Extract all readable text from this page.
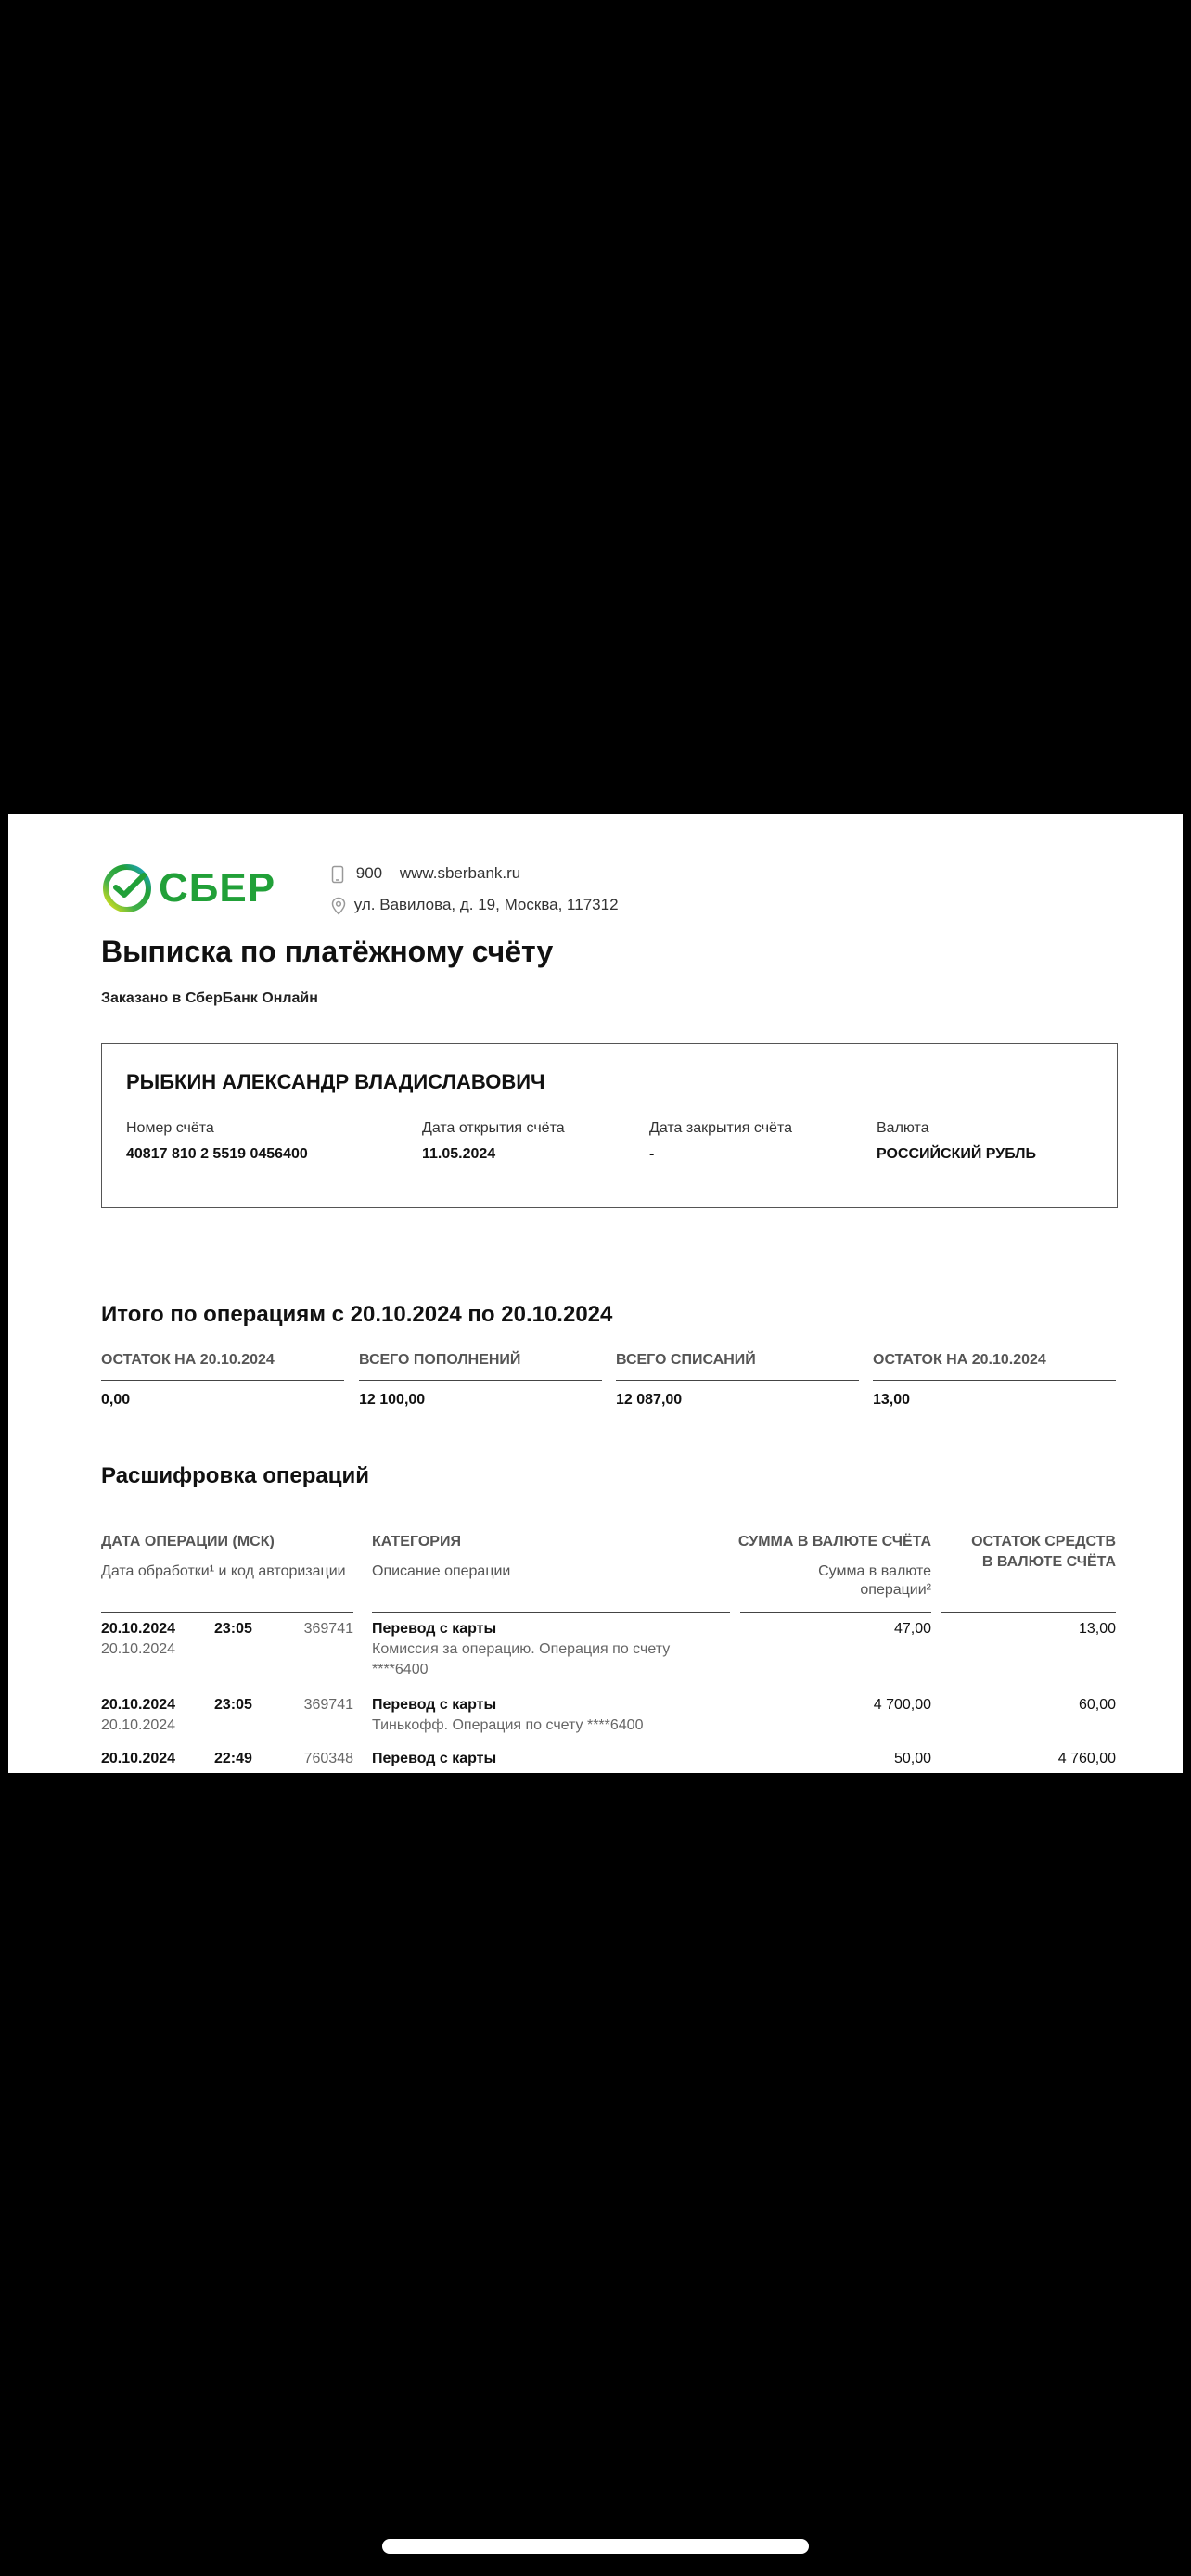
СБЕР	900 www.sberbank.ru
ул. Вавилова, д. 19, Москва, 117312
Выписка по платёжному счёту
Заказано в СберБанк Онлайн
РЫБКИН АЛЕКСАНДР ВЛАДИСЛАВОВИЧ
Номер счёта
40817 810 2 5519 0456400
Дата открытия счёта
11.05.2024
Дата закрытия счёта
-
Валюта
РОССИЙСКИЙ РУБЛЬ
Итого по операциям с 20.10.2024 по 20.10.2024
ОСТАТОК НА 20.10.2024
0,00
ВСЕГО ПОПОЛНЕНИЙ
12 100,00
ВСЕГО СПИСАНИЙ
12 087,00
ОСТАТОК НА 20.10.2024
13,00
Расшифровка операций
ДАТА ОПЕРАЦИИ (МСК)
Дата обработки¹ и код авторизации
КАТЕГОРИЯ
Описание операции
СУММА В ВАЛЮТЕ СЧЁТА
Сумма в валюте
операции²
ОСТАТОК СРЕДСТВ
В ВАЛЮТЕ СЧЁТА
20.10.2024	23:05	369741
20.10.2024
Перевод с карты
Комиссия за операцию. Операция по счету
****6400
47,00	13,00
20.10.2024	23:05	369741
20.10.2024
Перевод с карты
Тинькофф. Операция по счету ****6400
4 700,00	60,00
20.10.2024	22:49	760348 Перевод с карты	50,00	4 760,00
